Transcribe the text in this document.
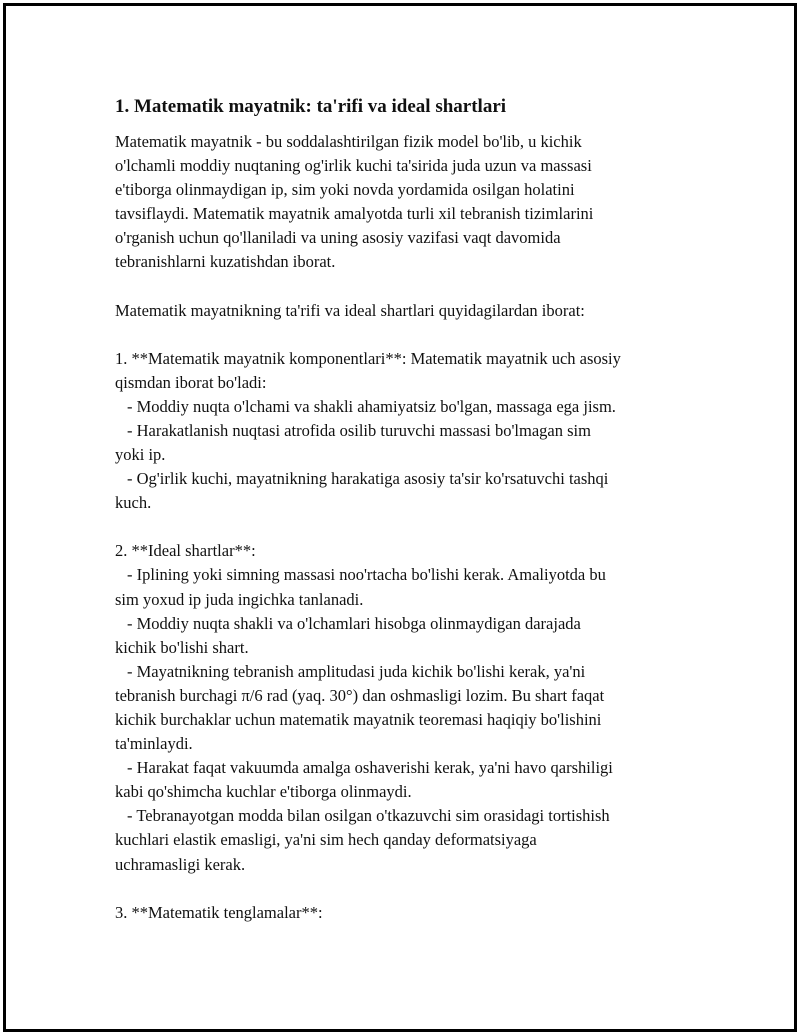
1. Matematik mayatnik: ta'rifi va ideal shartlari
Matematik mayatnik - bu soddalashtirilgan fizik model bo'lib, u kichik
o'lchamli moddiy nuqtaning og'irlik kuchi ta'sirida juda uzun va massasi
e'tiborga olinmaydigan ip, sim yoki novda yordamida osilgan holatini
tavsiflaydi. Matematik mayatnik amalyotda turli xil tebranish tizimlarini
o'rganish uchun qo'llaniladi va uning asosiy vazifasi vaqt davomida
tebranishlarni kuzatishdan iborat.
Matematik mayatnikning ta'rifi va ideal shartlari quyidagilardan iborat:
1. **Matematik mayatnik komponentlari**: Matematik mayatnik uch asosiy
qismdan iborat bo'ladi:
- Moddiy nuqta o'lchami va shakli ahamiyatsiz bo'lgan, massaga ega jism.
- Harakatlanish nuqtasi atrofida osilib turuvchi massasi bo'lmagan sim
yoki ip.
- Og'irlik kuchi, mayatnikning harakatiga asosiy ta'sir ko'rsatuvchi tashqi
kuch.
2. **Ideal shartlar**:
- Iplining yoki simning massasi noo'rtacha bo'lishi kerak. Amaliyotda bu
sim yoxud ip juda ingichka tanlanadi.
- Moddiy nuqta shakli va o'lchamlari hisobga olinmaydigan darajada
kichik bo'lishi shart.
- Mayatnikning tebranish amplitudasi juda kichik bo'lishi kerak, ya'ni
tebranish burchagi π/6 rad (yaq. 30°) dan oshmasligi lozim. Bu shart faqat
kichik burchaklar uchun matematik mayatnik teoremasi haqiqiy bo'lishini
ta'minlaydi.
- Harakat faqat vakuumda amalga oshaverishi kerak, ya'ni havo qarshiligi
kabi qo'shimcha kuchlar e'tiborga olinmaydi.
- Tebranayotgan modda bilan osilgan o'tkazuvchi sim orasidagi tortishish
kuchlari elastik emasligi, ya'ni sim hech qanday deformatsiyaga
uchramasligi kerak.
3. **Matematik tenglamalar**:
